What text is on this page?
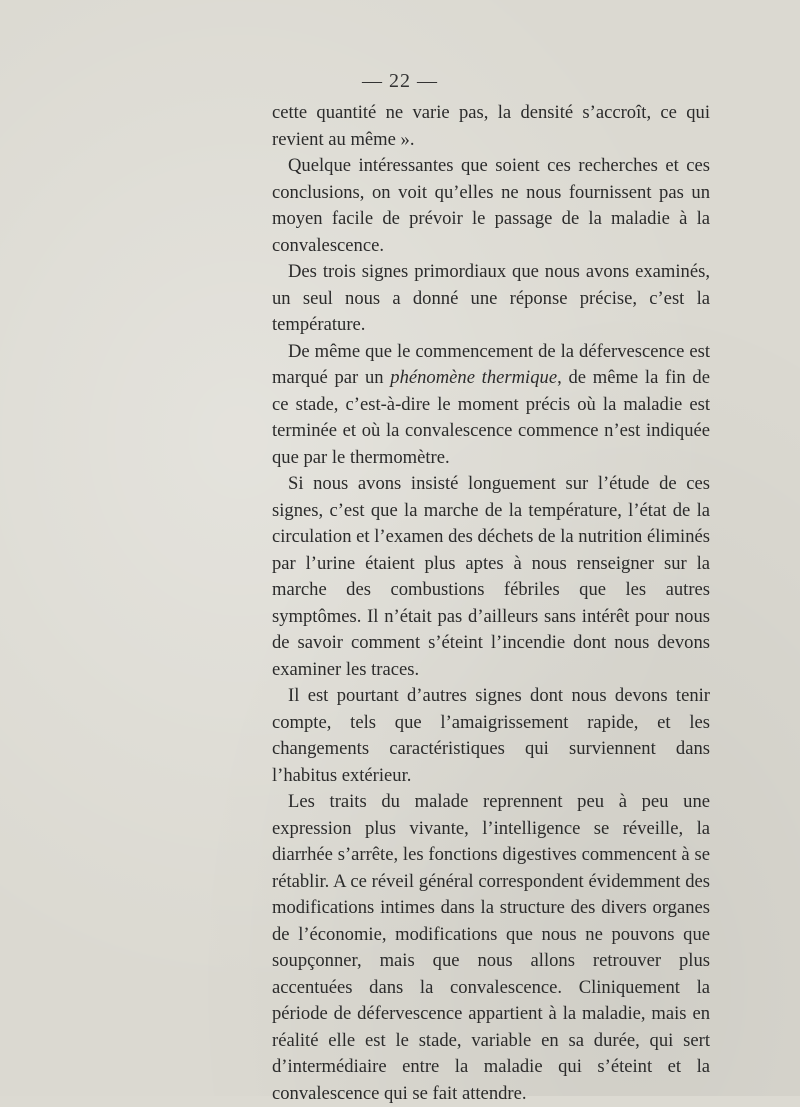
— 22 —

cette quantité ne varie pas, la densité s’accroît, ce qui revient au même ».

Quelque intéressantes que soient ces recherches et ces conclusions, on voit qu’elles ne nous fournissent pas un moyen facile de prévoir le passage de la maladie à la convalescence.

Des trois signes primordiaux que nous avons examinés, un seul nous a donné une réponse précise, c’est la température.

De même que le commencement de la défervescence est marqué par un phénomène thermique, de même la fin de ce stade, c’est-à-dire le moment précis où la maladie est terminée et où la convalescence commence n’est indiquée que par le thermomètre.

Si nous avons insisté longuement sur l’étude de ces signes, c’est que la marche de la température, l’état de la circulation et l’examen des déchets de la nutrition éliminés par l’urine étaient plus aptes à nous renseigner sur la marche des combustions fébriles que les autres symptômes. Il n’était pas d’ailleurs sans intérêt pour nous de savoir comment s’éteint l’incendie dont nous devons examiner les traces.

Il est pourtant d’autres signes dont nous devons tenir compte, tels que l’amaigrissement rapide, et les changements caractéristiques qui surviennent dans l’habitus extérieur.

Les traits du malade reprennent peu à peu une expression plus vivante, l’intelligence se réveille, la diarrhée s’arrête, les fonctions digestives commencent à se rétablir. A ce réveil général correspondent évidemment des modifications intimes dans la structure des divers organes de l’économie, modifications que nous ne pouvons que soupçonner, mais que nous allons retrouver plus accentuées dans la convalescence. Cliniquement la période de défervescence appartient à la maladie, mais en réalité elle est le stade, variable en sa durée, qui sert d’intermédiaire entre la maladie qui s’éteint et la convalescence qui se fait attendre.
